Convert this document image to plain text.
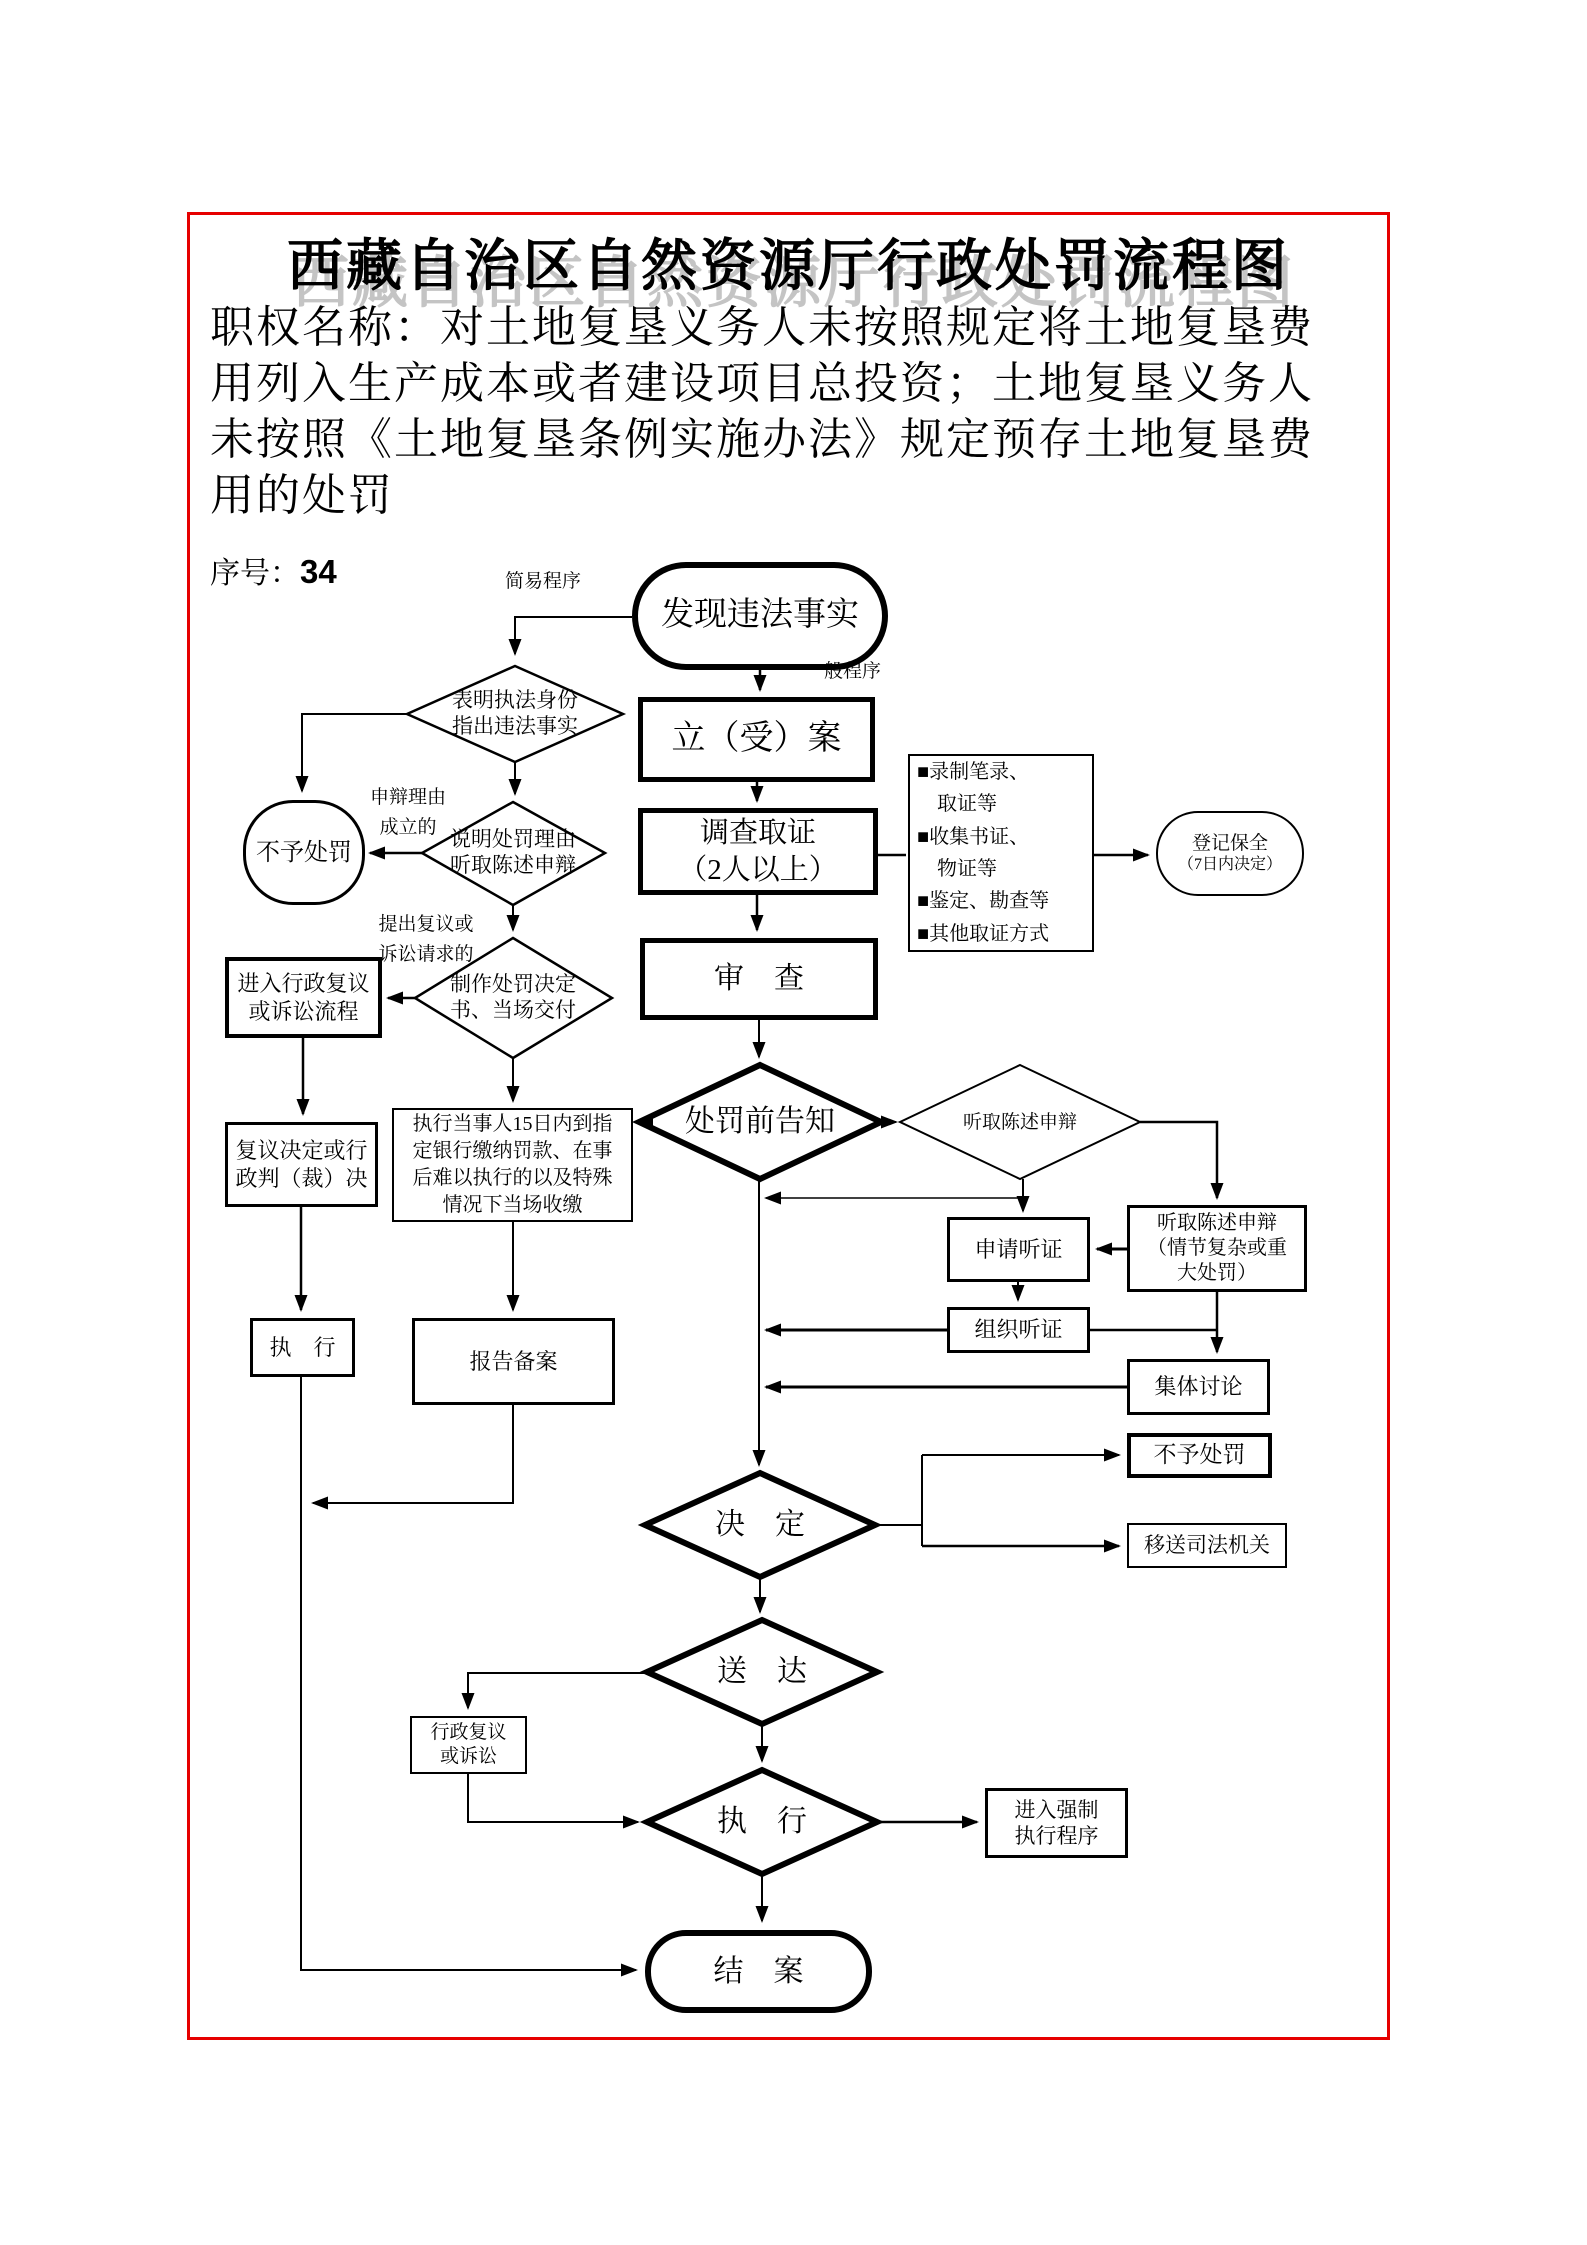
西藏自治区自然资源厅行政处罚流程图
职权名称：对土地复垦义务人未按照规定将土地复垦费
用列入生产成本或者建设项目总投资；土地复垦义务人
未按照《土地复垦条例实施办法》规定预存土地复垦费
用的处罚
序号：34
发现违法事实
立（受）案
调查取证
（2人以上）
■录制笔录、
　取证等
■收集书证、
　物证等
■鉴定、勘查等
■其他取证方式
登记保全
（7日内决定）
不予处罚
进入行政复议
或诉讼流程
审　查
复议决定或行
政判（裁）决
执行当事人15日内到指
定银行缴纳罚款、在事
后难以执行的以及特殊
情况下当场收缴
申请听证
听取陈述申辩
（情节复杂或重
大处罚）
组织听证
集体讨论
执　行
报告备案
不予处罚
移送司法机关
行政复议
或诉讼
进入强制
执行程序
结　案
表明执法身份
指出违法事实
说明处罚理由
听取陈述申辩
制作处罚决定
书、当场交付
处罚前告知	听取陈述申辩
决　定
送　达
执　行
简易程序
一般程序
申辩理由
成立的
提出复议或
诉讼请求的
